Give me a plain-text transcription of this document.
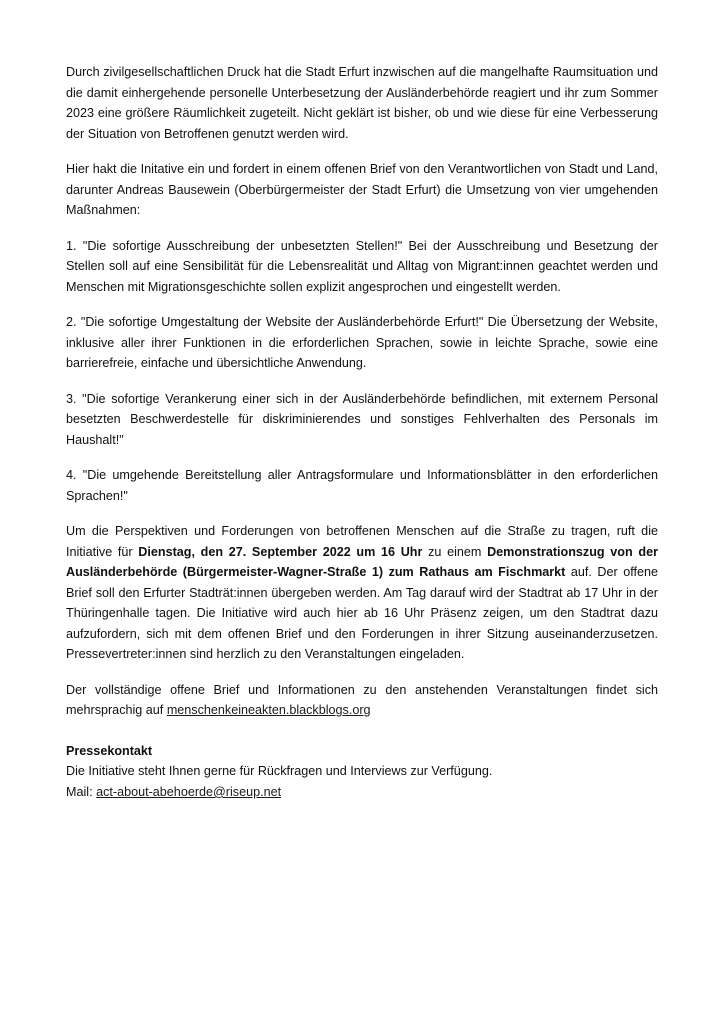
Durch zivilgesellschaftlichen Druck hat die Stadt Erfurt inzwischen auf die mangelhafte Raumsituation und die damit einhergehende personelle Unterbesetzung der Ausländerbehörde reagiert und ihr zum Sommer 2023 eine größere Räumlichkeit zugeteilt. Nicht geklärt ist bisher, ob und wie diese für eine Verbesserung der Situation von Betroffenen genutzt werden wird.

Hier hakt die Initative ein und fordert in einem offenen Brief von den Verantwortlichen von Stadt und Land, darunter Andreas Bausewein (Oberbürgermeister der Stadt Erfurt) die Umsetzung von vier umgehenden Maßnahmen:

1. "Die sofortige Ausschreibung der unbesetzten Stellen!" Bei der Ausschreibung und Besetzung der Stellen soll auf eine Sensibilität für die Lebensrealität und Alltag von Migrant:innen geachtet werden und Menschen mit Migrationsgeschichte sollen explizit angesprochen und eingestellt werden.

2. "Die sofortige Umgestaltung der Website der Ausländerbehörde Erfurt!" Die Übersetzung der Website, inklusive aller ihrer Funktionen in die erforderlichen Sprachen, sowie in leichte Sprache, sowie eine barrierefreie, einfache und übersichtliche Anwendung.

3. "Die sofortige Verankerung einer sich in der Ausländerbehörde befindlichen, mit externem Personal besetzten Beschwerdestelle für diskriminierendes und sonstiges Fehlverhalten des Personals im Haushalt!"

4. "Die umgehende Bereitstellung aller Antragsformulare und Informationsblätter in den erforderlichen Sprachen!"

Um die Perspektiven und Forderungen von betroffenen Menschen auf die Straße zu tragen, ruft die Initiative für Dienstag, den 27. September 2022 um 16 Uhr zu einem Demonstrationszug von der Ausländerbehörde (Bürgermeister-Wagner-Straße 1) zum Rathaus am Fischmarkt auf. Der offene Brief soll den Erfurter Stadträt:innen übergeben werden. Am Tag darauf wird der Stadtrat ab 17 Uhr in der Thüringenhalle tagen. Die Initiative wird auch hier ab 16 Uhr Präsenz zeigen, um den Stadtrat dazu aufzufordern, sich mit dem offenen Brief und den Forderungen in ihrer Sitzung auseinanderzusetzen. Pressevertreter:innen sind herzlich zu den Veranstaltungen eingeladen.

Der vollständige offene Brief und Informationen zu den anstehenden Veranstaltungen findet sich mehrsprachig auf menschenkeineakten.blackblogs.org

Pressekontakt

Die Initiative steht Ihnen gerne für Rückfragen und Interviews zur Verfügung.

Mail: act-about-abehoerde@riseup.net
